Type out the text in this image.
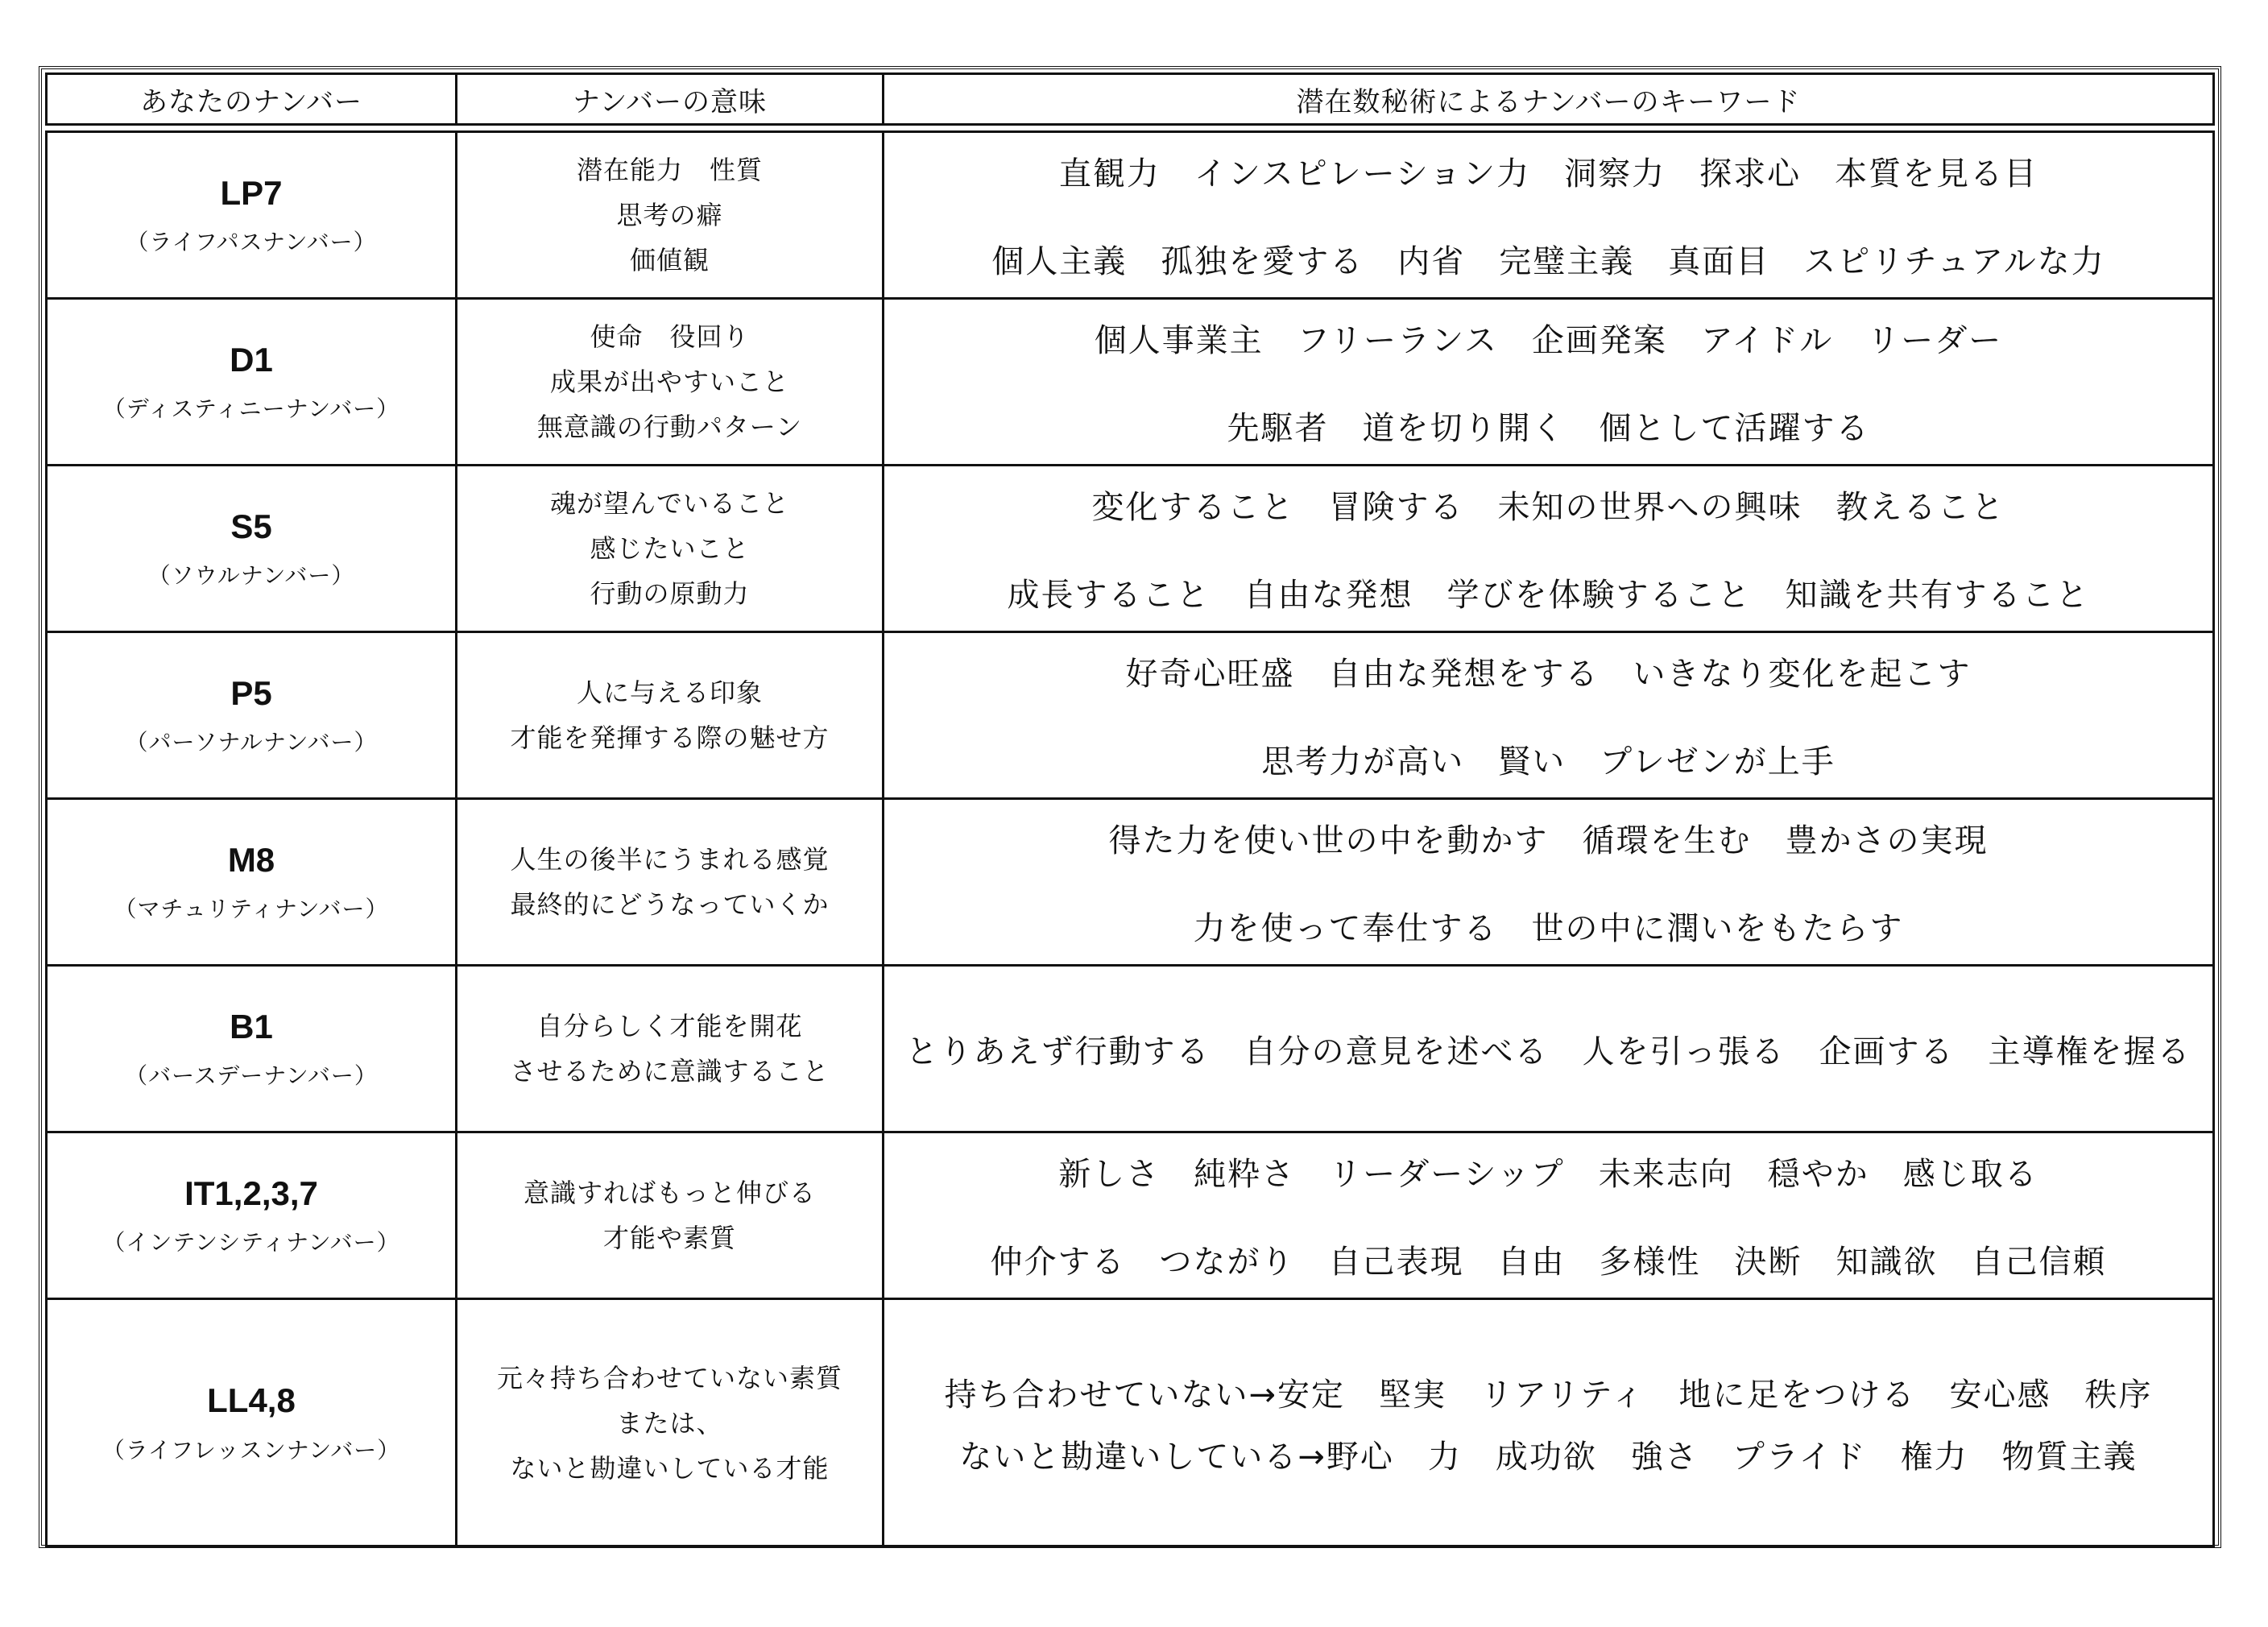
あなたのナンバー	ナンバーの意味	潜在数秘術によるナンバーのキーワード
LP7
（ライフパスナンバー）
潜在能力　性質
思考の癖
価値観
直観力　インスピレーション力　洞察力　探求心　本質を見る目
個人主義　孤独を愛する　内省　完璧主義　真面目　スピリチュアルな力
D1
（ディスティニーナンバー）
使命　役回り
成果が出やすいこと
無意識の行動パターン
個人事業主　フリーランス　企画発案　アイドル　リーダー
先駆者　道を切り開く　個として活躍する
S5
（ソウルナンバー）
魂が望んでいること
感じたいこと
行動の原動力
変化すること　冒険する　未知の世界への興味　教えること
成長すること　自由な発想　学びを体験すること　知識を共有すること
P5
（パーソナルナンバー）
人に与える印象
才能を発揮する際の魅せ方
好奇心旺盛　自由な発想をする　いきなり変化を起こす
思考力が高い　賢い　プレゼンが上手
M8
（マチュリティナンバー）
人生の後半にうまれる感覚
最終的にどうなっていくか
得た力を使い世の中を動かす　循環を生む　豊かさの実現
力を使って奉仕する　世の中に潤いをもたらす
B1
（バースデーナンバー）
自分らしく才能を開花
させるために意識すること
とりあえず行動する　自分の意見を述べる　人を引っ張る　企画する　主導権を握る
IT1,2,3,7
（インテンシティナンバー）
意識すればもっと伸びる
才能や素質
新しさ　純粋さ　リーダーシップ　未来志向　穏やか　感じ取る
仲介する　つながり　自己表現　自由　多様性　決断　知識欲　自己信頼
LL4,8
（ライフレッスンナンバー）
元々持ち合わせていない素質
または、
ないと勘違いしている才能
持ち合わせていない→安定　堅実　リアリティ　地に足をつける　安心感　秩序
ないと勘違いしている→野心　力　成功欲　強さ　プライド　権力　物質主義
